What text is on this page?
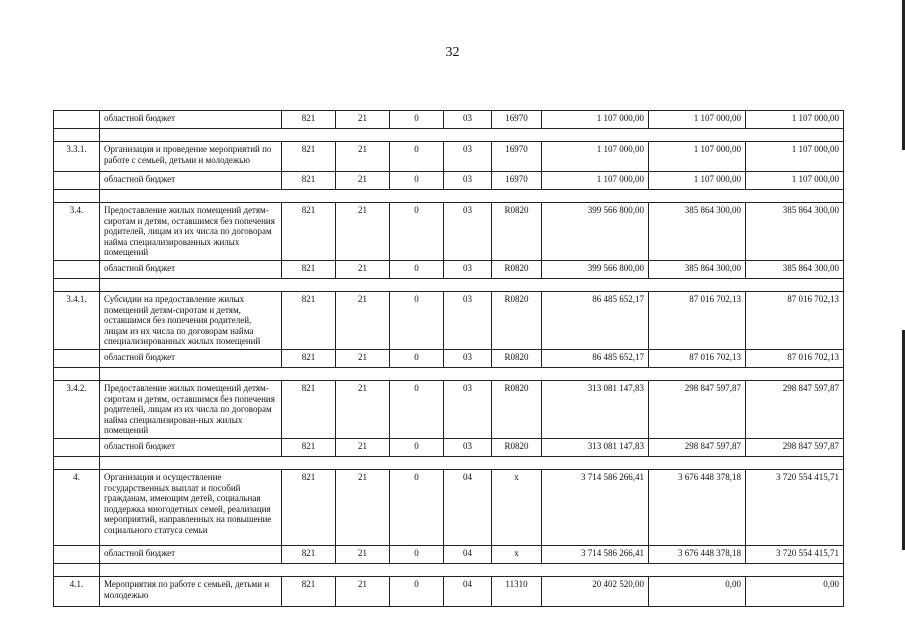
32
	областной бюджет	821	21	0	03	16970	1 107 000,00	1 107 000,00	1 107 000,00

3.3.1.	Организация и проведение мероприятий по работе с семьей, детьми и молодежью	821	21	0	03	16970	1 107 000,00	1 107 000,00	1 107 000,00
	областной бюджет	821	21	0	03	16970	1 107 000,00	1 107 000,00	1 107 000,00

3.4.	Предоставление жилых помещений детям-сиротам и детям, оставшимся без попечения родителей, лицам из их числа по договорам найма специализированных жилых помещений	821	21	0	03	R0820	399 566 800,00	385 864 300,00	385 864 300,00
	областной бюджет	821	21	0	03	R0820	399 566 800,00	385 864 300,00	385 864 300,00

3.4.1.	Субсидии на предоставление жилых помещений детям-сиротам и детям, оставшимся без попечения родителей, лицам из их числа по договорам найма специализированных жилых помещений	821	21	0	03	R0820	86 485 652,17	87 016 702,13	87 016 702,13
	областной бюджет	821	21	0	03	R0820	86 485 652,17	87 016 702,13	87 016 702,13

3.4.2.	Предоставление жилых помещений детям-сиротам и детям, оставшимся без попечения родителей, лицам из их числа по договорам найма специализирован-ных жилых помещений	821	21	0	03	R0820	313 081 147,83	298 847 597,87	298 847 597,87
	областной бюджет	821	21	0	03	R0820	313 081 147,83	298 847 597,87	298 847 597,87

4.	Организация и осуществление государственных выплат и пособий гражданам, имеющим детей, социальная поддержка многодетных семей, реализация мероприятий, направленных на повышение социального статуса семьи	821	21	0	04	x	3 714 586 266,41	3 676 448 378,18	3 720 554 415,71
	областной бюджет	821	21	0	04	x	3 714 586 266,41	3 676 448 378,18	3 720 554 415,71

4.1.	Мероприятия по работе с семьей, детьми и молодежью	821	21	0	04	11310	20 402 520,00	0,00	0,00
